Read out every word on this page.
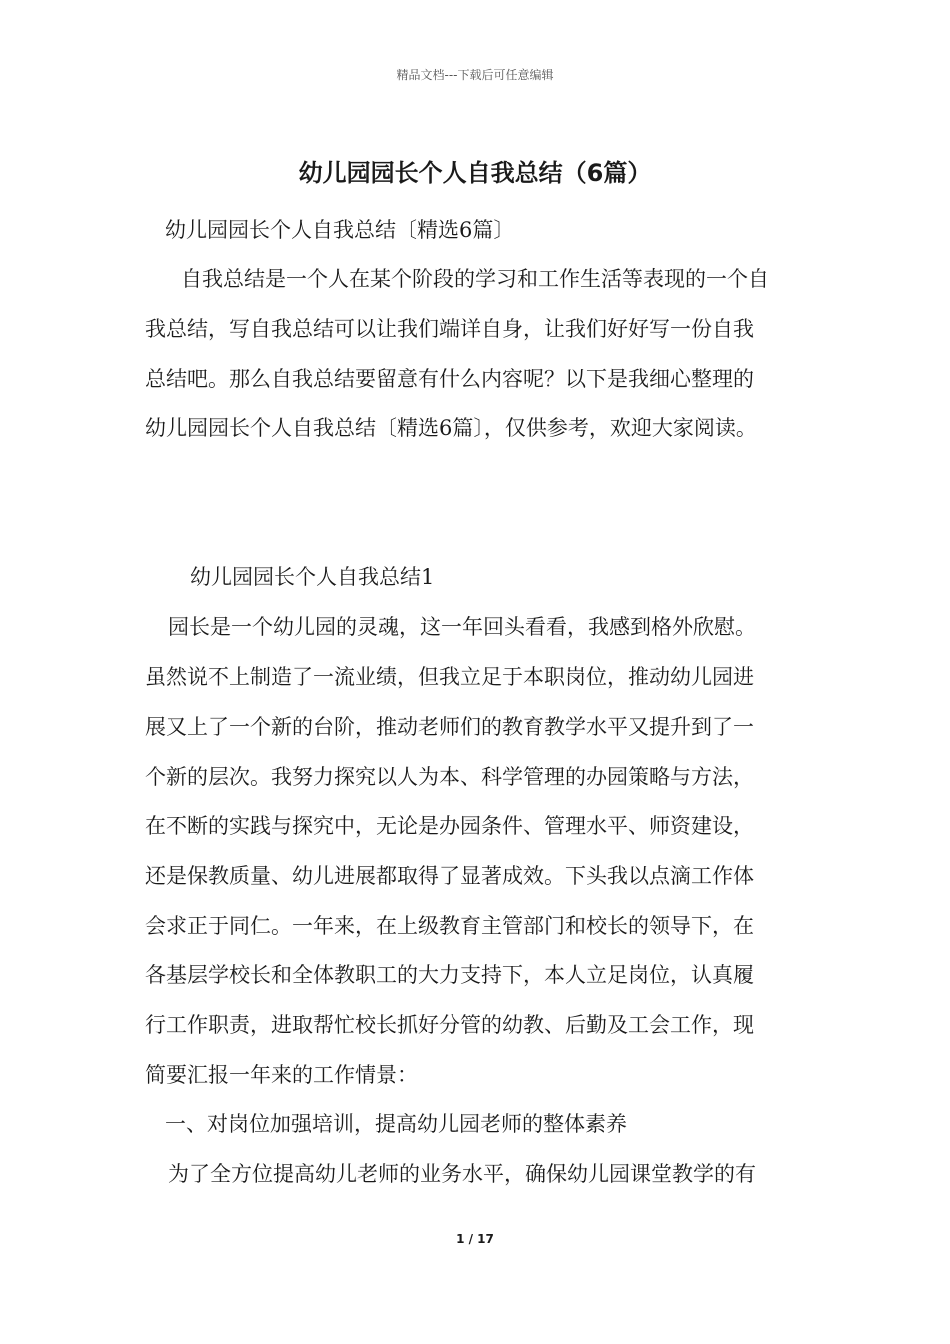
精品文档---下载后可任意编辑
幼儿园园长个人自我总结（6篇）
幼儿园园长个人自我总结〔精选6篇〕
自我总结是一个人在某个阶段的学习和工作生活等表现的一个自
我总结，写自我总结可以让我们端详自身，让我们好好写一份自我
总结吧。那么自我总结要留意有什么内容呢？以下是我细心整理的
幼儿园园长个人自我总结〔精选6篇〕，仅供参考，欢迎大家阅读。
幼儿园园长个人自我总结1
园长是一个幼儿园的灵魂，这一年回头看看，我感到格外欣慰。
虽然说不上制造了一流业绩，但我立足于本职岗位，推动幼儿园进
展又上了一个新的台阶，推动老师们的教育教学水平又提升到了一
个新的层次。我努力探究以人为本、科学管理的办园策略与方法，
在不断的实践与探究中，无论是办园条件、管理水平、师资建设，
还是保教质量、幼儿进展都取得了显著成效。下头我以点滴工作体
会求正于同仁。一年来，在上级教育主管部门和校长的领导下，在
各基层学校长和全体教职工的大力支持下，本人立足岗位，认真履
行工作职责，进取帮忙校长抓好分管的幼教、后勤及工会工作，现
简要汇报一年来的工作情景：
一、对岗位加强培训，提高幼儿园老师的整体素养
为了全方位提高幼儿老师的业务水平，确保幼儿园课堂教学的有
1 / 17
